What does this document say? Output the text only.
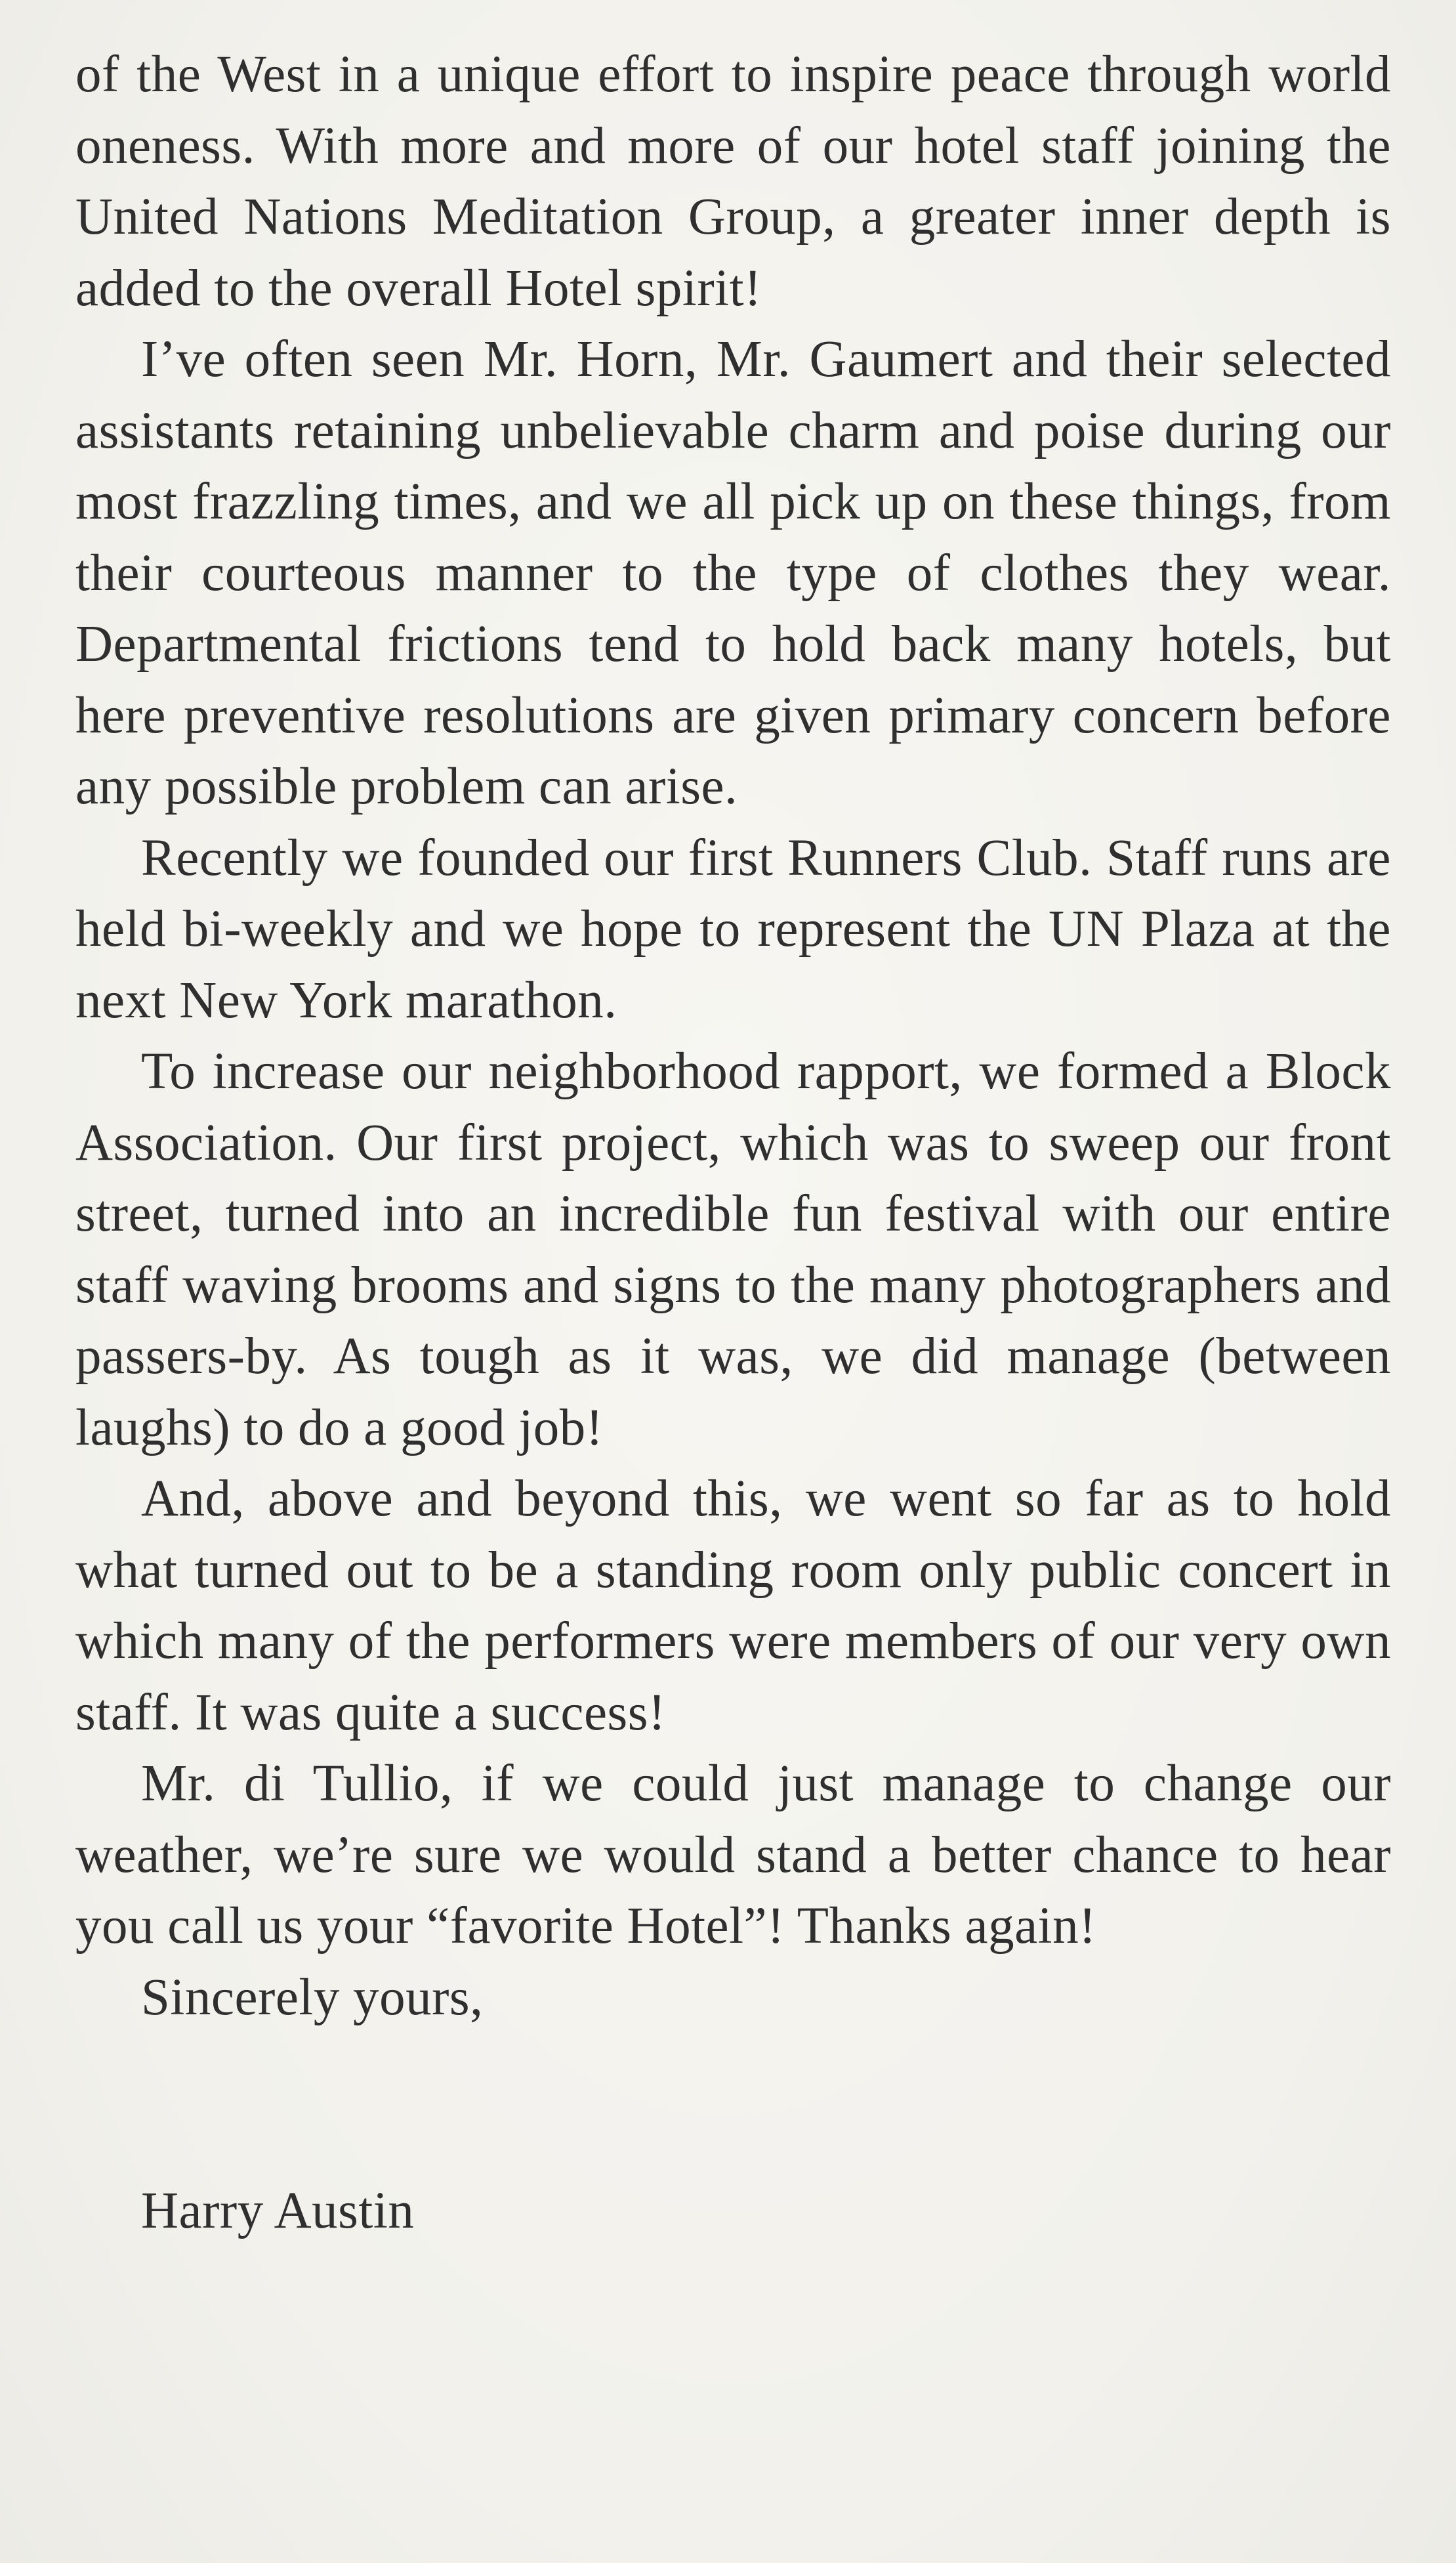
of the West in a unique effort to inspire peace through world oneness. With more and more of our hotel staff joining the United Nations Meditation Group, a greater inner depth is added to the overall Hotel spirit!

I’ve often seen Mr. Horn, Mr. Gaumert and their selected assistants retaining unbelievable charm and poise during our most frazzling times, and we all pick up on these things, from their courteous manner to the type of clothes they wear. Departmental frictions tend to hold back many hotels, but here preventive resolutions are given primary concern before any possible problem can arise.

Recently we founded our first Runners Club. Staff runs are held bi-weekly and we hope to represent the UN Plaza at the next New York marathon.

To increase our neighborhood rapport, we formed a Block Association. Our first project, which was to sweep our front street, turned into an incredible fun festival with our entire staff waving brooms and signs to the many photographers and passers-by. As tough as it was, we did manage (between laughs) to do a good job!

And, above and beyond this, we went so far as to hold what turned out to be a standing room only public concert in which many of the performers were members of our very own staff. It was quite a success!

Mr. di Tullio, if we could just manage to change our weather, we’re sure we would stand a better chance to hear you call us your “favorite Hotel”! Thanks again!

Sincerely yours,

Harry Austin
